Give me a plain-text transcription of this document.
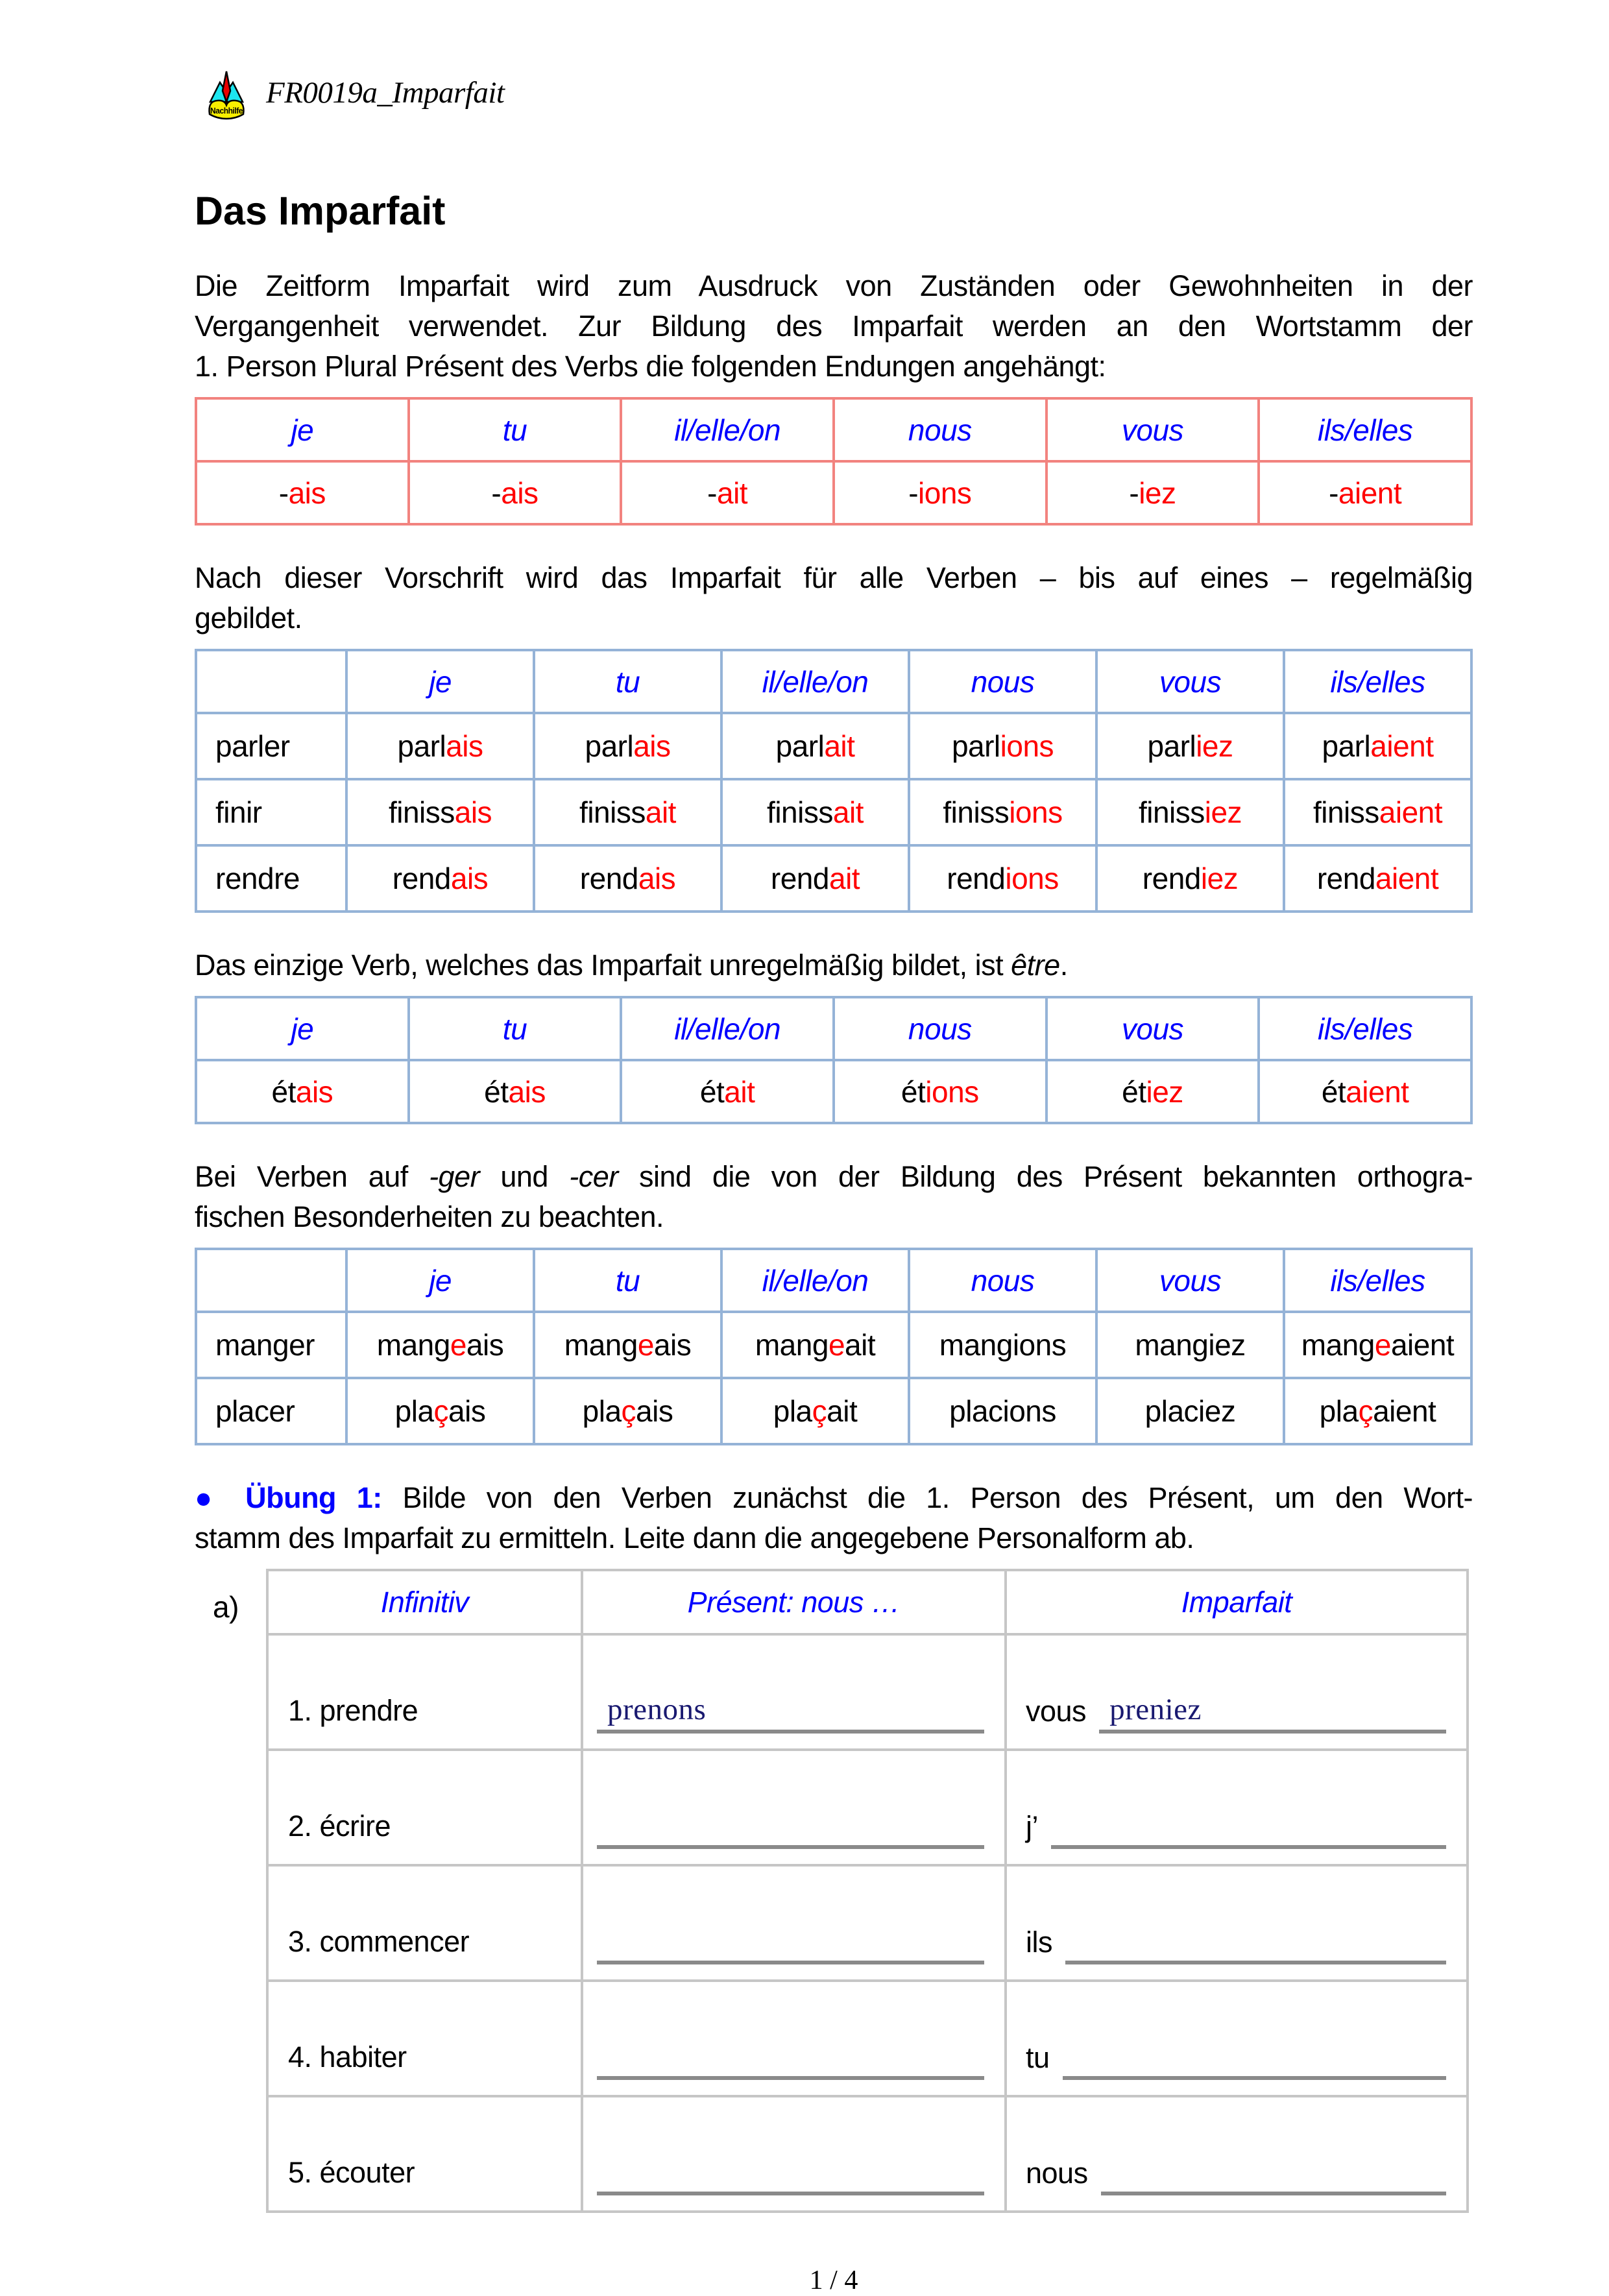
Nachhilfe
FR0019a_Imparfait
Das Imparfait
Die Zeitform Imparfait wird zum Ausdruck von Zuständen oder Gewohnheiten in der
Vergangenheit verwendet. Zur Bildung des Imparfait werden an den Wortstamm der
1. Person Plural Présent des Verbs die folgenden Endungen angehängt:
je	tu	il/elle/on	nous	vous	ils/elles
-ais	-ais	-ait	-ions	-iez	-aient
Nach dieser Vorschrift wird das Imparfait für alle Verben – bis auf eines – regelmäßig
gebildet.
	je	tu	il/elle/on	nous	vous	ils/elles
parler	parlais	parlais	parlait	parlions	parliez	parlaient
finir	finissais	finissait	finissait	finissions	finissiez	finissaient
rendre	rendais	rendais	rendait	rendions	rendiez	rendaient
Das einzige Verb, welches das Imparfait unregelmäßig bildet, ist être.
je	tu	il/elle/on	nous	vous	ils/elles
étais	étais	était	étions	étiez	étaient
Bei Verben auf -ger und -cer sind die von der Bildung des Présent bekannten orthogra-
fischen Besonderheiten zu beachten.
	je	tu	il/elle/on	nous	vous	ils/elles
manger	mangeais	mangeais	mangeait	mangions	mangiez	mangeaient
placer	plaçais	plaçais	plaçait	placions	placiez	plaçaient
● Übung 1: Bilde von den Verben zunächst die 1. Person des Présent, um den Wort-
stamm des Imparfait zu ermitteln. Leite dann die angegebene Personalform ab.
a)	Infinitiv	Présent: nous …	Imparfait
1. prendre	prenons	vous preniez

2. écrire		j’

3. commencer		ils

4. habiter		tu

5. écouter		nous
1 / 4
